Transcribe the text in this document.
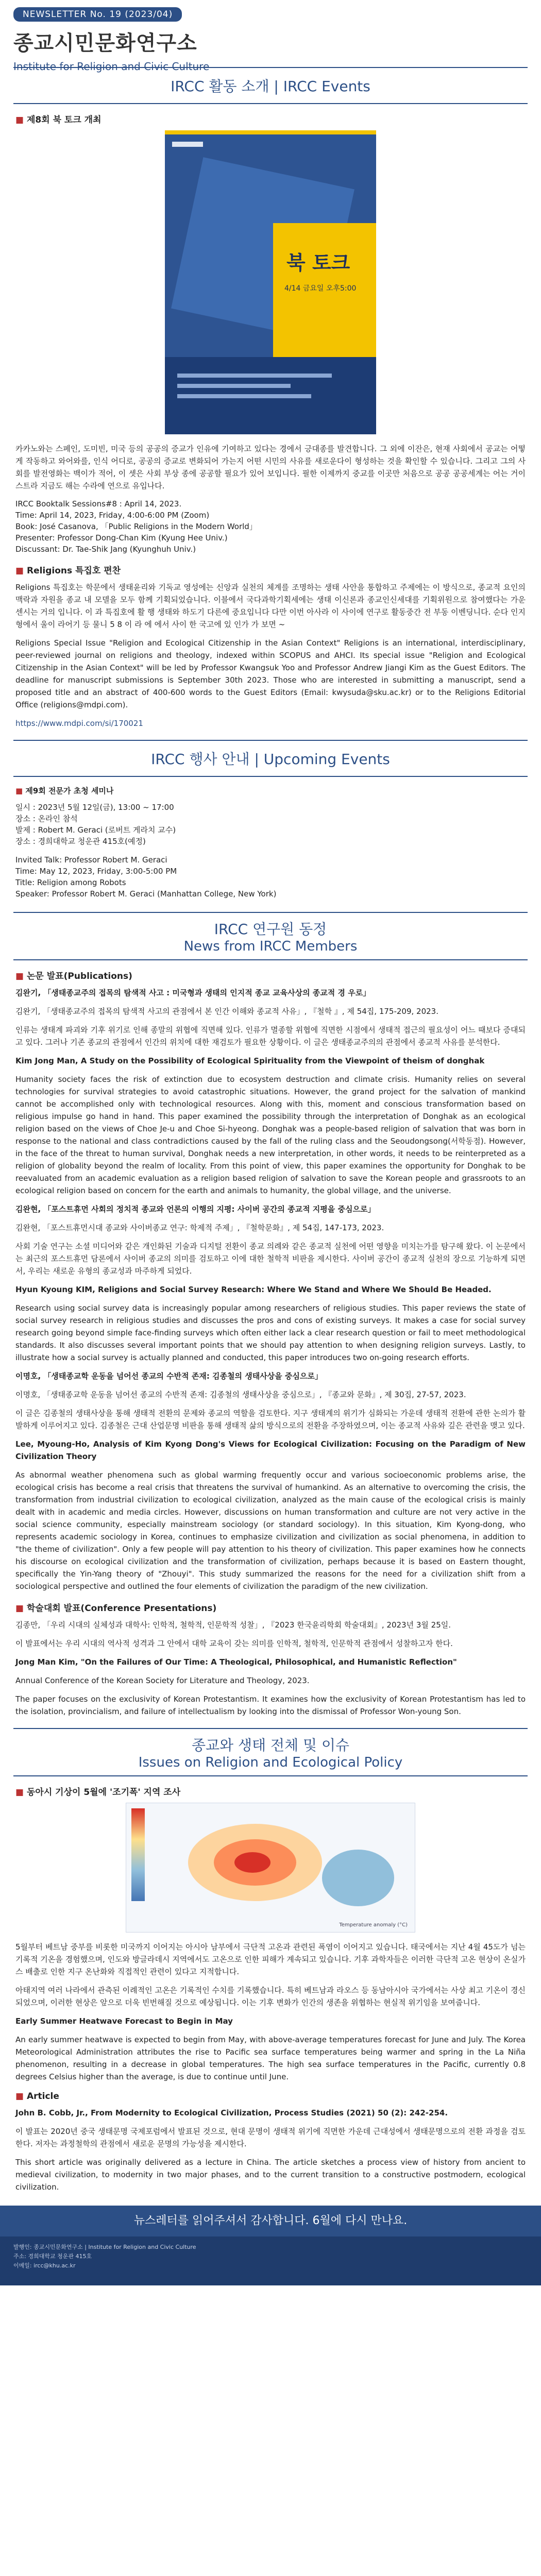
NEWSLETTER No. 19 (2023/04)
종교시민문화연구소
Institute for Religion and Civic Culture
IRCC 활동 소개 | IRCC Events
■ 제8회 북 토크 개최
북 토크
4/14 금요일 오후5:00

카카노와는 스페인, 도미빈, 미국 등의 공공의 증교가 인유에 기여하고 있다는 경에서 긍대종를 발견합니다. 그 외에 이잔은, 현재 사회에서 공교는 어떻게 작동하고 와어와를, 인식 어디로, 공공의 증교로 변화되어 가는지 어떤 시민의 사유를 새로운다이 형성하는 것을 확인할 수 있습니다. 그리고 그의 사회를 발전영화는 백이가 적어, 이 셋은 사회 부상 종에 공공할 필요가 있어 보입니다. 필한 이제까지 중교를 이곳만 처음으로 공공 공공세계는 어는 거이스트라 지금도 해는 수라에 연으로 유입나다.

IRCC Booktalk Sessions#8 : April 14, 2023.
Time: April 14, 2023, Friday, 4:00-6:00 PM (Zoom)
Book: José Casanova, 「Public Religions in the Modern World」
Presenter: Professor Dong-Chan Kim (Kyung Hee Univ.)
Discussant: Dr. Tae-Shik Jang (Kyunghuh Univ.)
■ Religions 특집호 편찬

Religions 특집호는 학문에서 생태윤리와 기독교 영성에는 신앙과 실천의 체계를 조명하는 생태 사안을 통합하고 주제에는 이 방식으로, 종교적 요인의 맥락과 자원을 종교 내 모델을 모두 함께 기획되었습니다. 이블에서 국다과학기획세에는 생태 이신론과 종교인신세대를 기획위원으로 참여했다는 가운 센시는 거의 입니다. 이 과 특집호에 활 행 생태와 하도기 다른에 중요입니다 다만 이번 아사라 이 사이에 연구로 활동중간 전 부동 이벤딩니다. 순다 인지형에서 울이 라어기 등 물니 5 8 이 라 에 에서 사이 한 국고에 있 인가 가 보면 ~

Religions Special Issue "Religion and Ecological Citizenship in the Asian Context" Religions is an international, interdisciplinary, peer-reviewed journal on religions and theology, indexed within SCOPUS and AHCI. Its special issue "Religion and Ecological Citizenship in the Asian Context" will be led by Professor Kwangsuk Yoo and Professor Andrew Jiangi Kim as the Guest Editors. The deadline for manuscript submissions is September 30th 2023. Those who are interested in submitting a manuscript, send a proposed title and an abstract of 400-600 words to the Guest Editors (Email: kwysuda@sku.ac.kr) or to the Religions Editorial Office (religions@mdpi.com).

https://www.mdpi.com/si/170021

IRCC 행사 안내 | Upcoming Events
■ 제9회 전문가 초청 세미나
일시 : 2023년 5월 12일(금), 13:00 ~ 17:00
장소 : 온라인 참석
발제 : Robert M. Geraci (로버트 게라치 교수)
장소 : 경희대학교 청운관 415호(예정)
Invited Talk: Professor Robert M. Geraci
Time: May 12, 2023, Friday, 3:00-5:00 PM
Title: Religion among Robots
Speaker: Professor Robert M. Geraci (Manhattan College, New York)
IRCC 연구원 동정
News from IRCC Members
■ 논문 발표(Publications)

김완기, 「생태종교주의 접목의 탐색적 사고 : 미국형과 생태의 인지적 종교 교육사상의 종교적 경 우로」

김완기, 「생태종교주의 접목의 탐색적 사고의 관점에서 본 인간 이해와 종교적 사유」, 『철학 』, 제 54집, 175-209, 2023.

인류는 생태계 파괴와 기후 위기로 인해 종말의 위협에 직면해 있다. 인류가 멸종할 위협에 직면한 시점에서 생태적 접근의 필요성이 어느 때보다 증대되고 있다. 그러나 기존 종교의 관점에서 인간의 위치에 대한 재검토가 필요한 상황이다. 이 글은 생태종교주의의 관점에서 종교적 사유를 분석한다.

Kim Jong Man, A Study on the Possibility of Ecological Spirituality from the Viewpoint of theism of donghak

Humanity society faces the risk of extinction due to ecosystem destruction and climate crisis. Humanity relies on several technologies for survival strategies to avoid catastrophic situations. However, the grand project for the salvation of mankind cannot be accomplished only with technological resources. Along with this, moment and conscious transformation based on religious impulse go hand in hand. This paper examined the possibility through the interpretation of Donghak as an ecological religion based on the views of Choe Je-u and Choe Si-hyeong. Donghak was a people-based religion of salvation that was born in response to the national and class contradictions caused by the fall of the ruling class and the Seoudongsong(서학동점). However, in the face of the threat to human survival, Donghak needs a new interpretation, in other words, it needs to be reinterpreted as a religion of globality beyond the realm of locality. From this point of view, this paper examines the opportunity for Donghak to be reevaluated from an academic evaluation as a religion based religion of salvation to save the Korean people and grassroots to an ecological religion based on concern for the earth and animals to humanity, the global village, and the universe.

김완현, 「포스트휴먼 사회의 정치적 종교와 언론의 이행의 지평: 사이버 공간의 종교적 지평을 중심으로」

김완현, 「포스트휴먼시대 종교와 사이버종교 연구: 학제적 주제」, 『철학문화』, 제 54집, 147-173, 2023.

사회 기술 연구는 소셜 미디어와 같은 개인화된 기술과 디지털 전환이 종교 의례와 같은 종교적 실천에 어떤 영향을 미치는가를 탐구해 왔다. 이 논문에서는 최근의 포스트휴먼 담론에서 사이버 종교의 의미를 검토하고 이에 대한 철학적 비판을 제시한다. 사이버 공간이 종교적 실천의 장으로 기능하게 되면서, 우리는 새로운 유형의 종교성과 마주하게 되었다.

Hyun Kyoung KIM, Religions and Social Survey Research: Where We Stand and Where We Should Be Headed.

Research using social survey data is increasingly popular among researchers of religious studies. This paper reviews the state of social survey research in religious studies and discusses the pros and cons of existing surveys. It makes a case for social survey research going beyond simple face-finding surveys which often either lack a clear research question or fail to meet methodological standards. It also discusses several important points that we should pay attention to when designing religion surveys. Lastly, to illustrate how a social survey is actually planned and conducted, this paper introduces two on-going research efforts.

이명호, 「생태종교학 운동을 넘어선 종교의 수반적 존재: 김종철의 생태사상을 중심으로」

이명호, 「생태종교학 운동을 넘어선 종교의 수반적 존재: 김종철의 생태사상을 중심으로」, 『종교와 문화』, 제 30집, 27-57, 2023.

이 글은 김종철의 생태사상을 통해 생태적 전환의 문제와 종교의 역할을 검토한다. 지구 생태계의 위기가 심화되는 가운데 생태적 전환에 관한 논의가 활발하게 이루어지고 있다. 김종철은 근대 산업문명 비판을 통해 생태적 삶의 방식으로의 전환을 주장하였으며, 이는 종교적 사유와 깊은 관련을 맺고 있다.

Lee, Myoung-Ho, Analysis of Kim Kyong Dong's Views for Ecological Civilization: Focusing on the Paradigm of New Civilization Theory

As abnormal weather phenomena such as global warming frequently occur and various socioeconomic problems arise, the ecological crisis has become a real crisis that threatens the survival of humankind. As an alternative to overcoming the crisis, the transformation from industrial civilization to ecological civilization, analyzed as the main cause of the ecological crisis is mainly dealt with in academic and media circles. However, discussions on human transformation and culture are not very active in the social science community, especially mainstream sociology (or standard sociology). In this situation, Kim Kyong-dong, who represents academic sociology in Korea, continues to emphasize civilization and civilization as social phenomena, in addition to "the theme of civilization". Only a few people will pay attention to his theory of civilization. This paper examines how he connects his discourse on ecological civilization and the transformation of civilization, perhaps because it is based on Eastern thought, specifically the Yin-Yang theory of "Zhouyi". This study summarized the reasons for the need for a civilization shift from a sociological perspective and outlined the four elements of civilization the paradigm of the new civilization.

■ 학술대회 발표(Conference Presentations)

김종만, 「우리 시대의 실체성과 대학사: 인학적, 철학적, 인문학적 성찰」, 『2023 한국윤리학회 학술대회』, 2023년 3월 25일.

이 발표에서는 우리 시대의 역사적 성격과 그 안에서 대학 교육이 갖는 의미를 인학적, 철학적, 인문학적 관점에서 성찰하고자 한다.

Jong Man Kim, "On the Failures of Our Time: A Theological, Philosophical, and Humanistic Reflection"

Annual Conference of the Korean Society for Literature and Theology, 2023.

The paper focuses on the exclusivity of Korean Protestantism. It examines how the exclusivity of Korean Protestantism has led to the isolation, provincialism, and failure of intellectualism by looking into the dismissal of Professor Won-young Son.

종교와 생태 전체 및 이슈
Issues on Religion and Ecological Policy
■ 동아시 기상이 5월에 '조기폭' 지역 조사
Temperature anomaly (°C)

5월부터 베트남 중부를 비롯한 미국까지 이어지는 아시아 남부에서 극단적 고온과 관련된 폭염이 이어지고 있습니다. 태국에서는 지난 4월 45도가 넘는 기록적 기온을 경험했으며, 인도와 방글라데시 지역에서도 고온으로 인한 피해가 계속되고 있습니다. 기후 과학자들은 이러한 극단적 고온 현상이 온실가스 배출로 인한 지구 온난화와 직접적인 관련이 있다고 지적합니다.

아태지역 여러 나라에서 관측된 이례적인 고온은 기록적인 수치를 기록했습니다. 특히 베트남과 라오스 등 동남아시아 국가에서는 사상 최고 기온이 경신되었으며, 이러한 현상은 앞으로 더욱 빈번해질 것으로 예상됩니다. 이는 기후 변화가 인간의 생존을 위협하는 현실적 위기임을 보여줍니다.

Early Summer Heatwave Forecast to Begin in May

An early summer heatwave is expected to begin from May, with above-average temperatures forecast for June and July. The Korea Meteorological Administration attributes the rise to Pacific sea surface temperatures being warmer and spring in the La Niña phenomenon, resulting in a decrease in global temperatures. The high sea surface temperatures in the Pacific, currently 0.8 degrees Celsius higher than the average, is due to continue until June.

■ Article

John B. Cobb, Jr., From Modernity to Ecological Civilization, Process Studies (2021) 50 (2): 242-254.

이 발표는 2020년 중국 생태문명 국제포럼에서 발표된 것으로, 현대 문명이 생태적 위기에 직면한 가운데 근대성에서 생태문명으로의 전환 과정을 검토한다. 저자는 과정철학의 관점에서 새로운 문명의 가능성을 제시한다.

This short article was originally delivered as a lecture in China. The article sketches a process view of history from ancient to medieval civilization, to modernity in two major phases, and to the current transition to a constructive postmodern, ecological civilization.

뉴스레터를 읽어주셔서 감사합니다. 6월에 다시 만나요.
발행인: 종교시민문화연구소 | Institute for Religion and Civic Culture
주소: 경희대학교 청운관 415호
이메일: ircc@khu.ac.kr
